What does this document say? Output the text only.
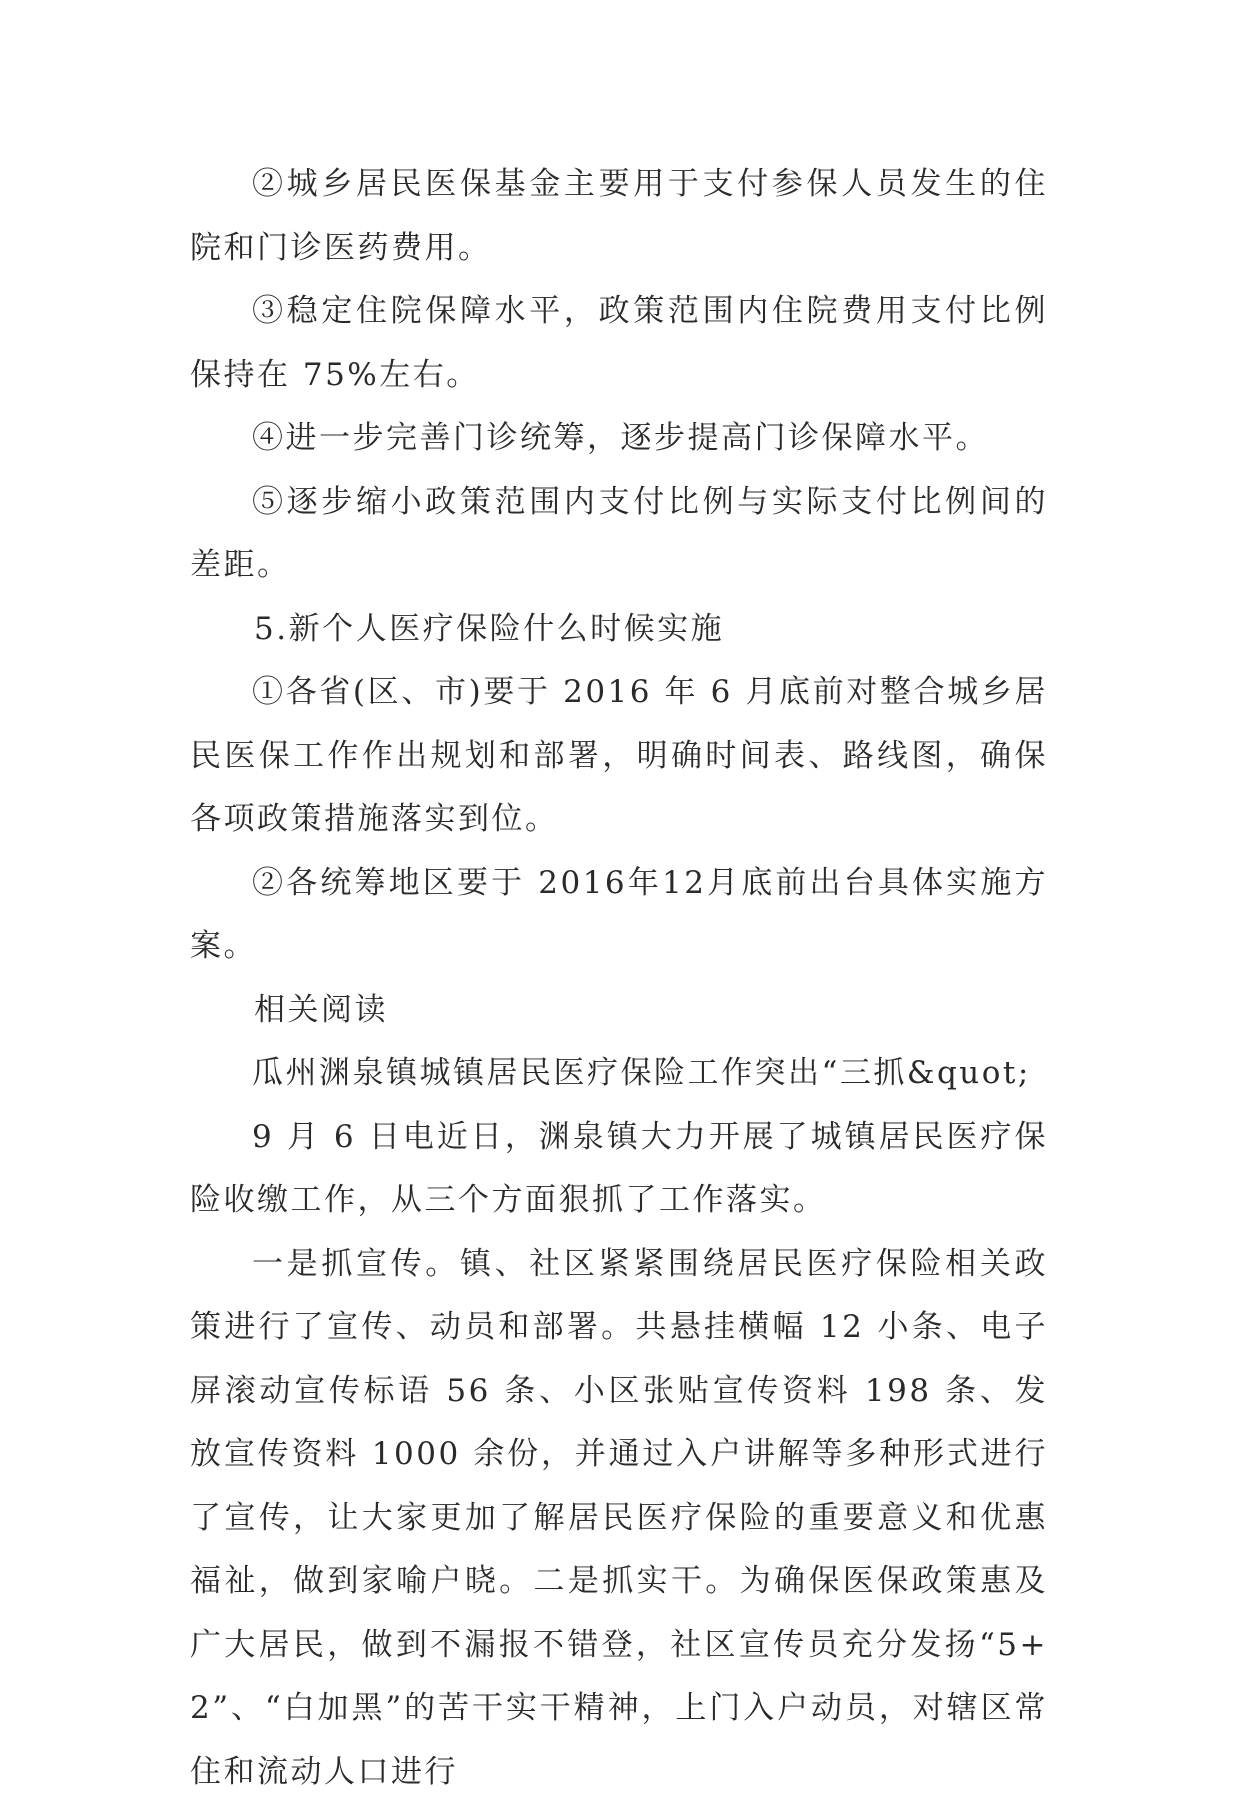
②城乡居民医保基金主要用于支付参保人员发生的住院和门诊医药费用。

③稳定住院保障水平，政策范围内住院费用支付比例保持在 75%左右。

④进一步完善门诊统筹，逐步提高门诊保障水平。

⑤逐步缩小政策范围内支付比例与实际支付比例间的差距。

5.新个人医疗保险什么时候实施

①各省(区、市)要于 2016 年 6 月底前对整合城乡居民医保工作作出规划和部署，明确时间表、路线图，确保各项政策措施落实到位。

②各统筹地区要于 2016年12月底前出台具体实施方案。

相关阅读

瓜州渊泉镇城镇居民医疗保险工作突出“三抓&quot;

9 月 6 日电近日，渊泉镇大力开展了城镇居民医疗保险收缴工作，从三个方面狠抓了工作落实。

一是抓宣传。镇、社区紧紧围绕居民医疗保险相关政策进行了宣传、动员和部署。共悬挂横幅 12 小条、电子屏滚动宣传标语 56 条、小区张贴宣传资料 198 条、发放宣传资料 1000 余份，并通过入户讲解等多种形式进行了宣传，让大家更加了解居民医疗保险的重要意义和优惠福祉，做到家喻户晓。二是抓实干。为确保医保政策惠及广大居民，做到不漏报不错登，社区宣传员充分发扬“5+2”、“白加黑”的苦干实干精神，上门入户动员，对辖区常住和流动人口进行
